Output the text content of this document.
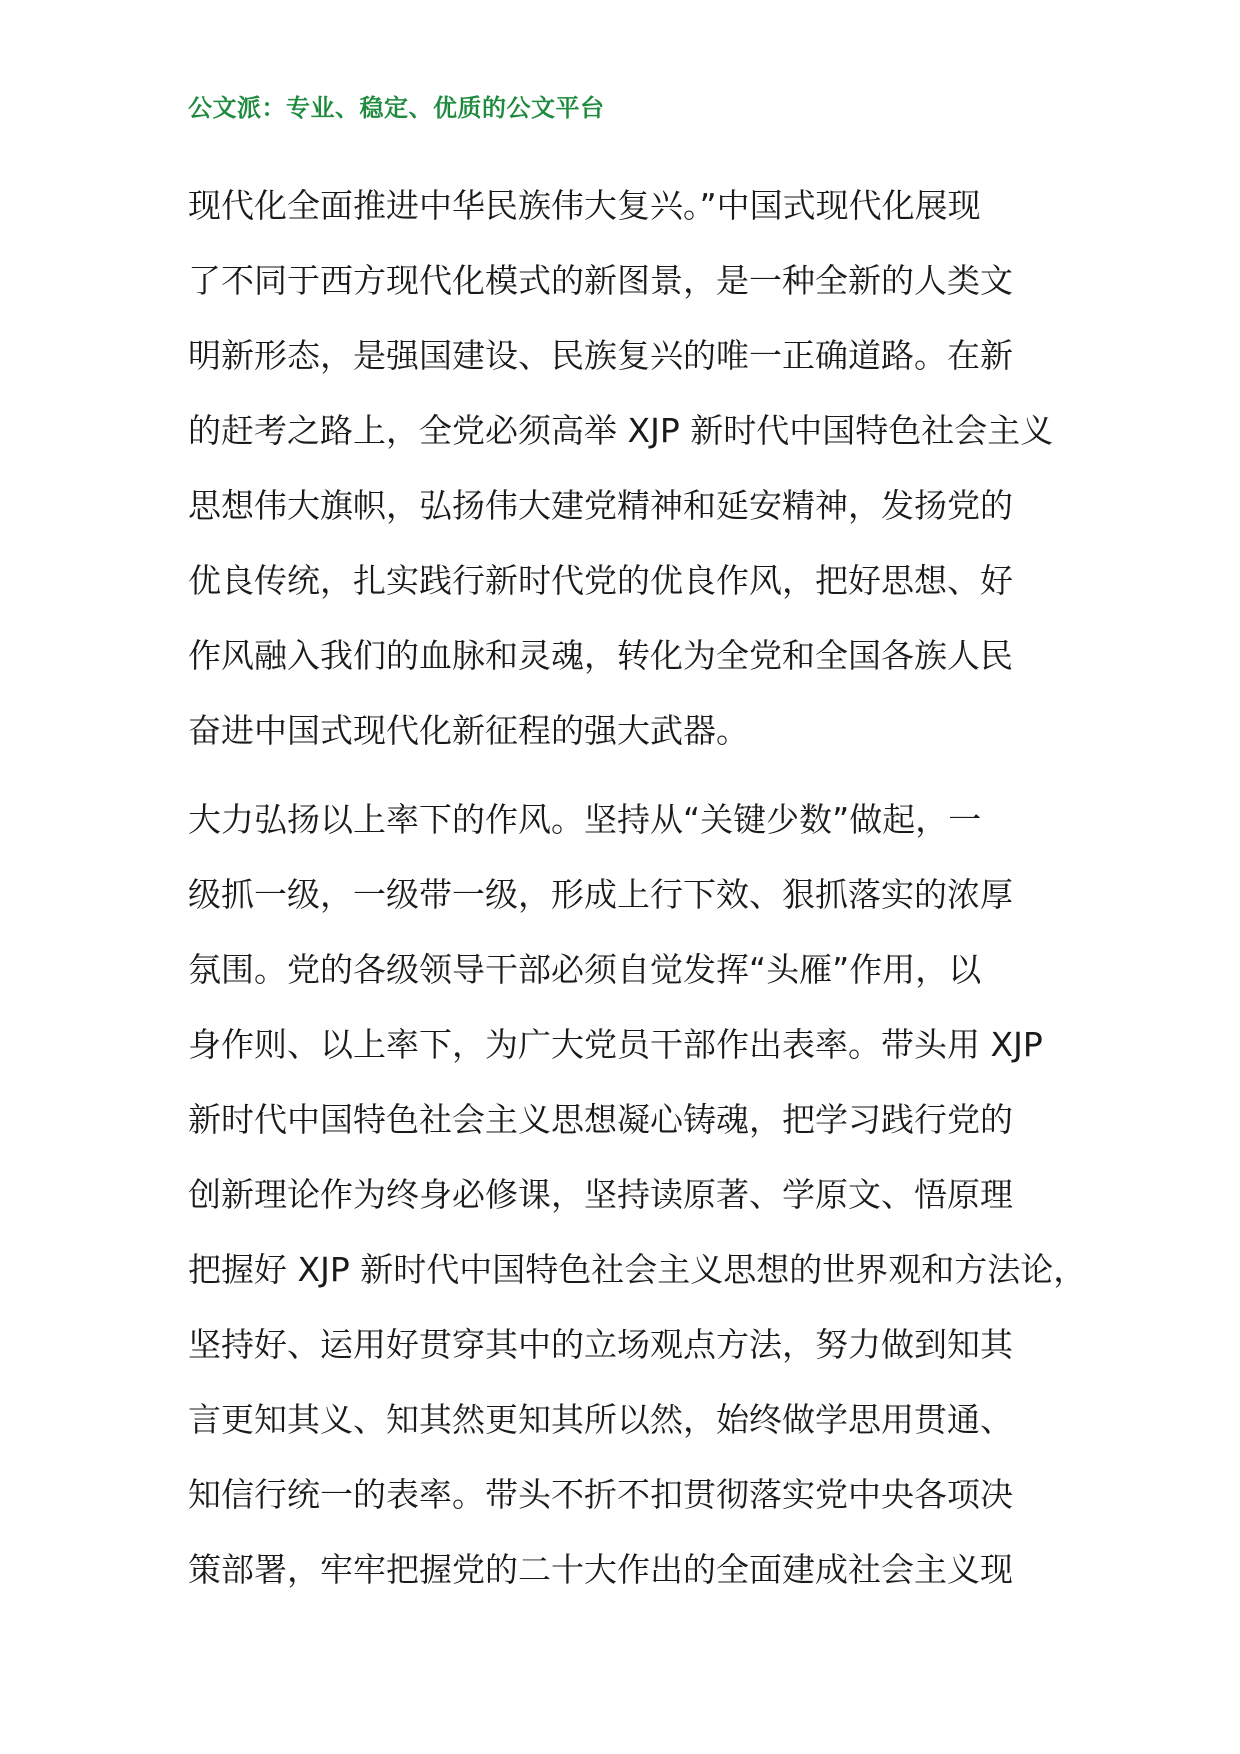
公文派：专业、稳定、优质的公文平台

现代化全面推进中华民族伟大复兴。”中国式现代化展现
了不同于西方现代化模式的新图景，是一种全新的人类文
明新形态，是强国建设、民族复兴的唯一正确道路。在新
的赶考之路上，全党必须高举 XJP 新时代中国特色社会主义
思想伟大旗帜，弘扬伟大建党精神和延安精神，发扬党的
优良传统，扎实践行新时代党的优良作风，把好思想、好
作风融入我们的血脉和灵魂，转化为全党和全国各族人民
奋进中国式现代化新征程的强大武器。

大力弘扬以上率下的作风。坚持从“关键少数”做起，一
级抓一级，一级带一级，形成上行下效、狠抓落实的浓厚
氛围。党的各级领导干部必须自觉发挥“头雁”作用，以
身作则、以上率下，为广大党员干部作出表率。带头用 XJP
新时代中国特色社会主义思想凝心铸魂，把学习践行党的
创新理论作为终身必修课，坚持读原著、学原文、悟原理
把握好 XJP 新时代中国特色社会主义思想的世界观和方法论，
坚持好、运用好贯穿其中的立场观点方法，努力做到知其
言更知其义、知其然更知其所以然，始终做学思用贯通、
知信行统一的表率。带头不折不扣贯彻落实党中央各项决
策部署，牢牢把握党的二十大作出的全面建成社会主义现
